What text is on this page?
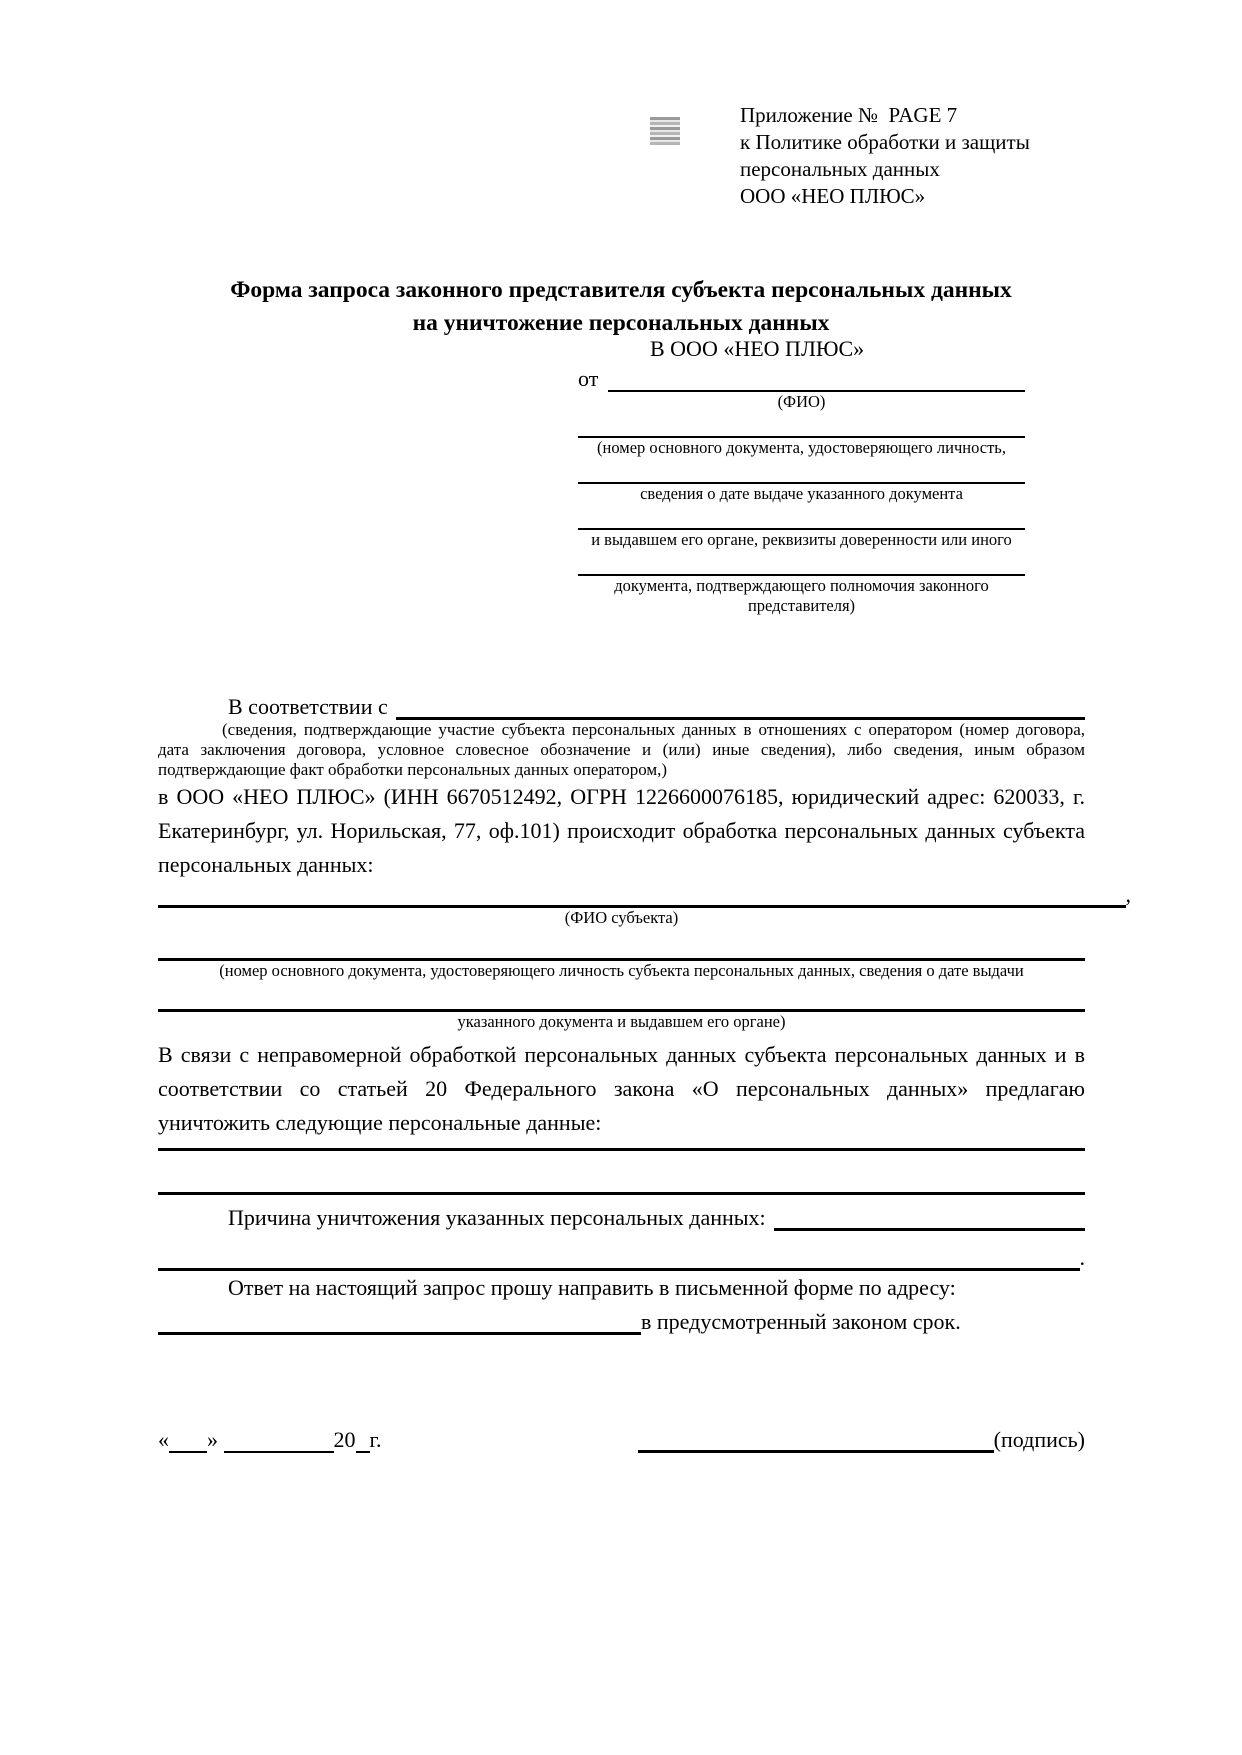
Приложение №  PAGE 7
к Политике обработки и защиты
персональных данных
ООО «НЕО ПЛЮС»
Форма запроса законного представителя субъекта персональных данных
на уничтожение персональных данных
В ООО «НЕО ПЛЮС»
от
(ФИО)
(номер основного документа, удостоверяющего личность,
сведения о дате выдаче указанного документа
и выдавшем его органе, реквизиты доверенности или иного
документа, подтверждающего полномочия законного представителя)
В соответствии с
(сведения, подтверждающие участие субъекта персональных данных в отношениях с оператором (номер договора, дата заключения договора, условное словесное обозначение и (или) иные сведения), либо сведения, иным образом подтверждающие факт обработки персональных данных оператором,)
в ООО «НЕО ПЛЮС» (ИНН 6670512492, ОГРН 1226600076185, юридический адрес: 620033, г. Екатеринбург, ул. Норильская, 77, оф.101) происходит обработка персональных данных субъекта персональных данных:
,
(ФИО субъекта)
(номер основного документа, удостоверяющего личность субъекта персональных данных, сведения о дате выдачи
указанного документа и выдавшем его органе)
В связи с неправомерной обработкой персональных данных субъекта персональных данных и в соответствии со статьей 20 Федерального закона «О персональных данных» предлагаю уничтожить следующие персональные данные:
Причина уничтожения указанных персональных данных:
.
Ответ на настоящий запрос прошу направить в письменной форме по адресу:
в предусмотренный законом срок.
« »	20 г.	(подпись)
